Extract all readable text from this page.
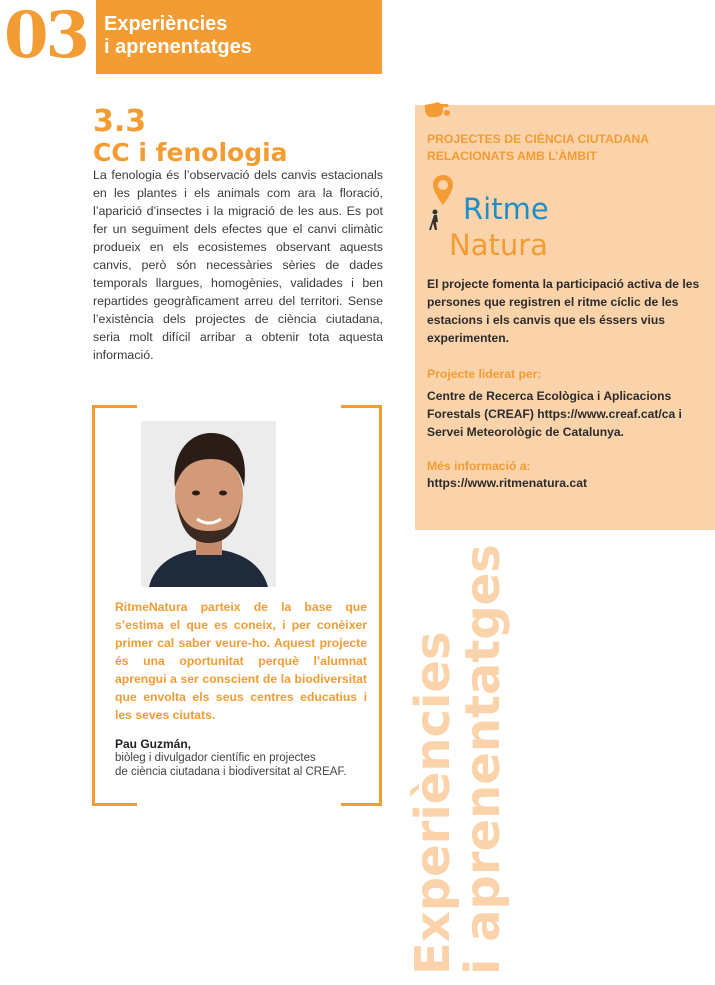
03 Experiències
i aprenentatges
3.3
CC i fenologia

La fenologia és l’observació dels canvis estacionals en les plantes i els animals com ara la floració, l’aparició d’insectes i la migració de les aus. Es pot fer un seguiment dels efectes que el canvi climàtic produeix en els ecosistemes observant aquests canvis, però són necessàries sèries de dades temporals llargues, homogènies, validades i ben repartides geogràficament arreu del territori. Sense l’existència dels projectes de ciència ciutadana, seria molt difícil arribar a obtenir tota aquesta informació.

RitmeNatura parteix de la base que s’estima el que es coneix, i per conèixer primer cal saber veure-ho. Aquest projecte és una oportunitat perquè l’alumnat aprengui a ser conscient de la biodiversitat que envolta els seus centres educatius i les seves ciutats.

Pau Guzmán,
biòleg i divulgador científic en projectes
de ciència ciutadana i biodiversitat al CREAF.
PROJECTES DE CIÈNCIA CIUTADANA
RELACIONATS AMB L’ÀMBIT
Ritme
Natura

El projecte fomenta la participació activa de les persones que registren el ritme cíclic de les estacions i els canvis que els éssers vius experimenten.

Projecte liderat per:

Centre de Recerca Ecològica i Aplicacions Forestals (CREAF) https://www.creaf.cat/ca i Servei Meteorològic de Catalunya.

Més informació a:
https://www.ritmenatura.cat
Experiències
i aprenentatges
